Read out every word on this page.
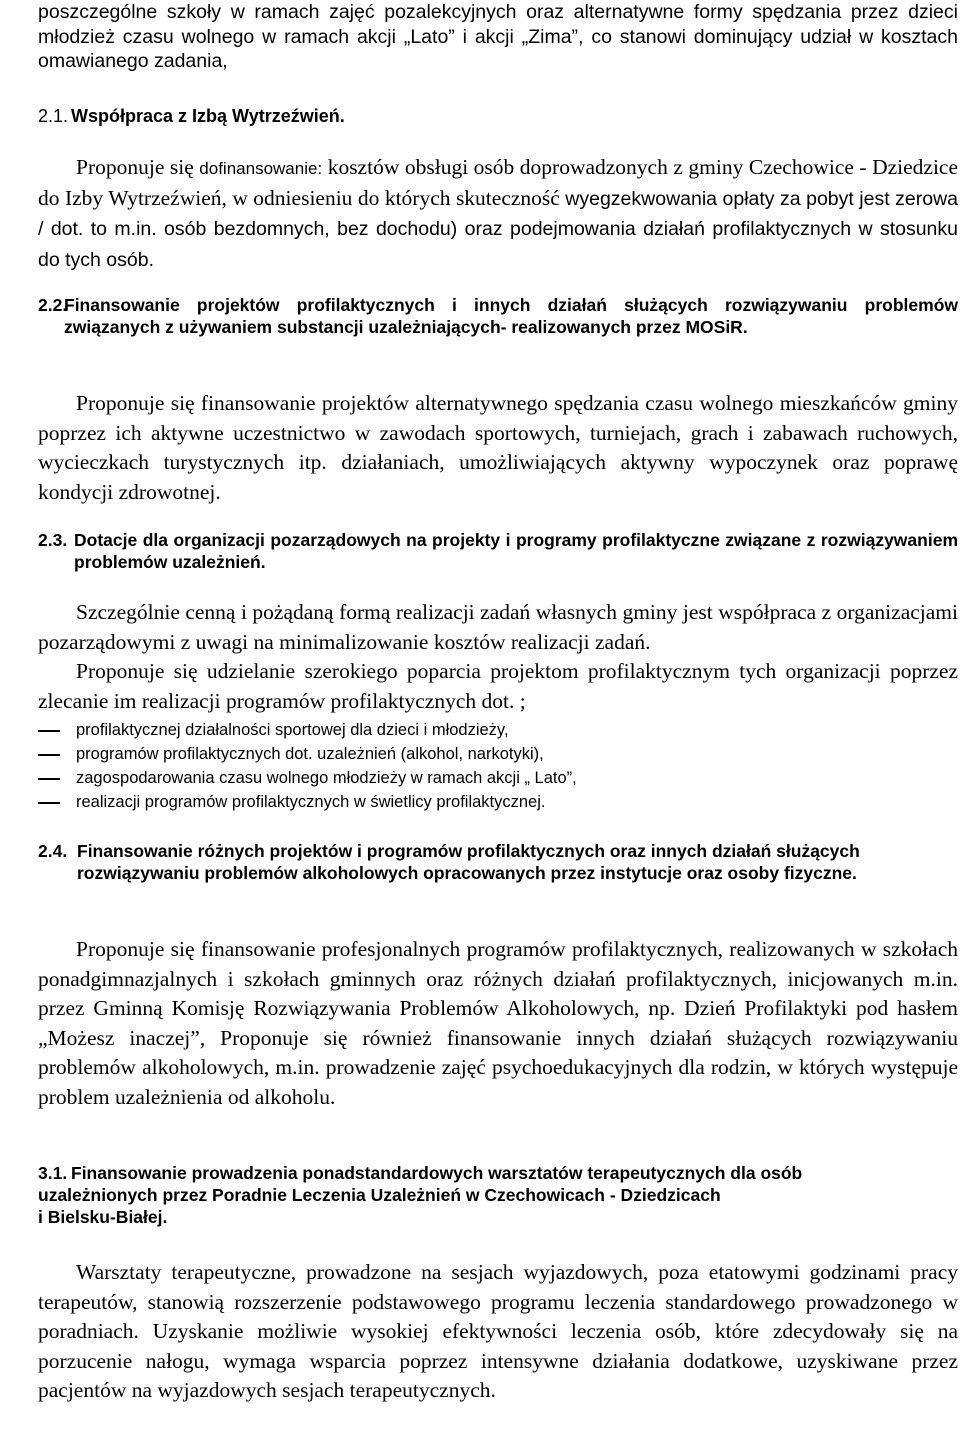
poszczególne szkoły w ramach zajęć pozalekcyjnych oraz alternatywne formy spędzania przez dzieci młodzież czasu wolnego w ramach akcji „Lato” i akcji „Zima”, co stanowi dominujący udział w kosztach omawianego zadania,

2.1. Współpraca z Izbą Wytrzeźwień.

Proponuje się dofinansowanie: kosztów obsługi osób doprowadzonych z gminy Czechowice - Dziedzice do Izby Wytrzeźwień, w odniesieniu do których skuteczność wyegzekwowania opłaty za pobyt jest zerowa / dot. to m.in. osób bezdomnych, bez dochodu) oraz podejmowania działań profilaktycznych w stosunku do tych osób.

2.2.
Finansowanie projektów profilaktycznych i innych działań służących rozwiązywaniu problemów związanych z używaniem substancji uzależniających- realizowanych przez MOSiR.

Proponuje się finansowanie projektów alternatywnego spędzania czasu wolnego mieszkańców gminy poprzez ich aktywne uczestnictwo w zawodach sportowych, turniejach, grach i zabawach ruchowych, wycieczkach turystycznych itp. działaniach, umożliwiających aktywny wypoczynek oraz poprawę kondycji zdrowotnej.

2.3. Dotacje dla organizacji pozarządowych na projekty i programy profilaktyczne związane z rozwiązywaniem problemów uzależnień.

Szczególnie cenną i pożądaną formą realizacji zadań własnych gminy jest współpraca z organizacjami pozarządowymi z uwagi na minimalizowanie kosztów realizacji zadań.

Proponuje się udzielanie szerokiego poparcia projektom profilaktycznym tych organizacji poprzez zlecanie im realizacji programów profilaktycznych dot. ;

profilaktycznej działalności sportowej dla dzieci i młodzieży,
programów profilaktycznych dot. uzależnień (alkohol, narkotyki),
zagospodarowania czasu wolnego młodzieży w ramach akcji „ Lato”,
realizacji programów profilaktycznych w świetlicy profilaktycznej.
2.4. Finansowanie różnych projektów i programów profilaktycznych oraz innych działań służących rozwiązywaniu problemów alkoholowych opracowanych przez instytucje oraz osoby fizyczne.

Proponuje się finansowanie profesjonalnych programów profilaktycznych, realizowanych w szkołach ponadgimnazjalnych i szkołach gminnych oraz różnych działań profilaktycznych, inicjowanych m.in. przez Gminną Komisję Rozwiązywania Problemów Alkoholowych, np. Dzień Profilaktyki pod hasłem „Możesz inaczej”, Proponuje się również finansowanie innych działań służących rozwiązywaniu problemów alkoholowych, m.in. prowadzenie zajęć psychoedukacyjnych dla rodzin, w których występuje problem uzależnienia od alkoholu.

3.1. Finansowanie prowadzenia ponadstandardowych warsztatów terapeutycznych dla osób
uzależnionych przez Poradnie Leczenia Uzależnień w Czechowicach - Dziedzicach
i Bielsku-Białej.

Warsztaty terapeutyczne, prowadzone na sesjach wyjazdowych, poza etatowymi godzinami pracy terapeutów, stanowią rozszerzenie podstawowego programu leczenia standardowego prowadzonego w poradniach. Uzyskanie możliwie wysokiej efektywności leczenia osób, które zdecydowały się na porzucenie nałogu, wymaga wsparcia poprzez intensywne działania dodatkowe, uzyskiwane przez pacjentów na wyjazdowych sesjach terapeutycznych.
